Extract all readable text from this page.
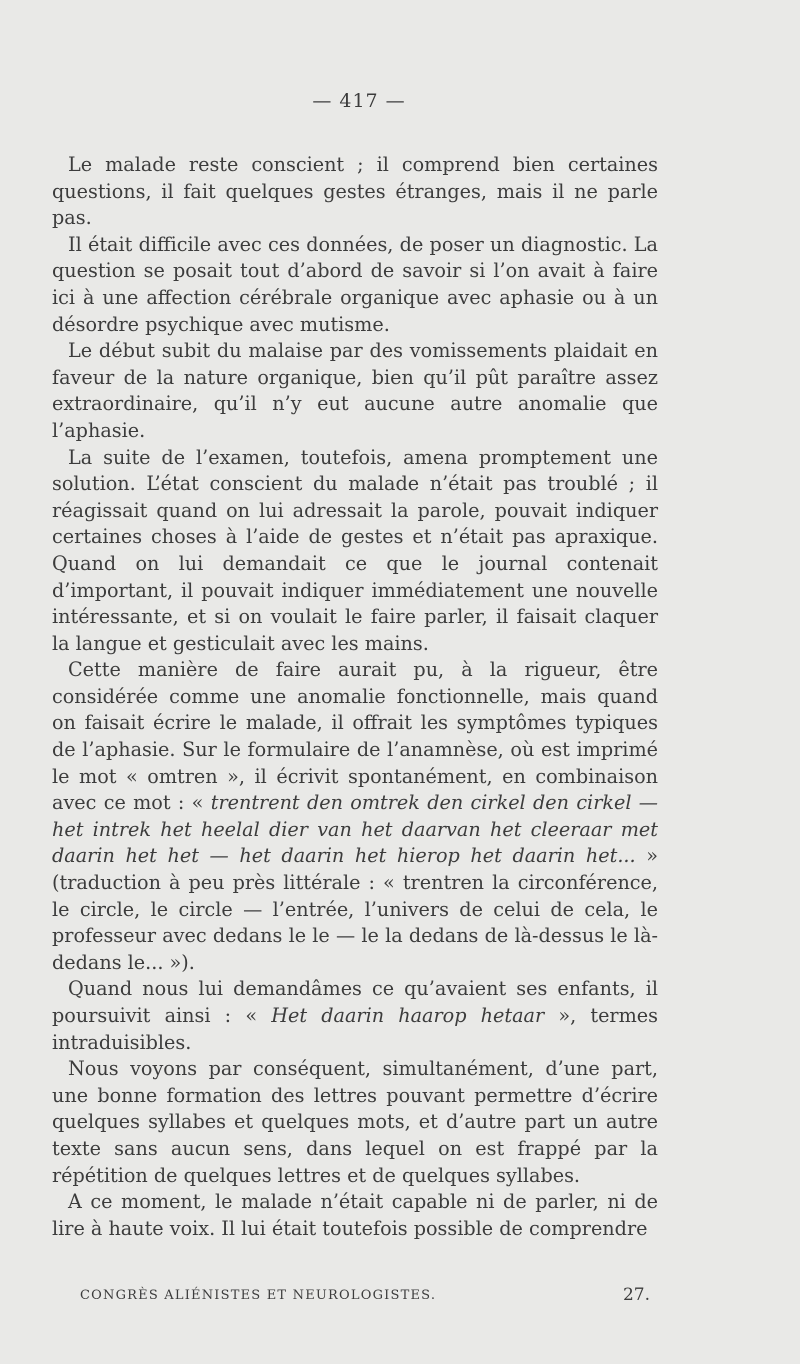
— 417 —

Le malade reste conscient ; il comprend bien certaines questions, il fait quelques gestes étranges, mais il ne parle pas.

Il était difficile avec ces données, de poser un diagnostic. La question se posait tout d’abord de savoir si l’on avait à faire ici à une affection cérébrale organique avec aphasie ou à un désordre psychique avec mutisme.

Le début subit du malaise par des vomissements plaidait en faveur de la nature organique, bien qu’il pût paraître assez extraordinaire, qu’il n’y eut aucune autre anomalie que l’aphasie.

La suite de l’examen, toutefois, amena promptement une solution. L’état conscient du malade n’était pas troublé ; il réagissait quand on lui adressait la parole, pouvait indiquer certaines choses à l’aide de gestes et n’était pas apraxique. Quand on lui demandait ce que le journal contenait d’important, il pouvait indiquer immédiatement une nouvelle intéressante, et si on voulait le faire parler, il faisait claquer la langue et gesticulait avec les mains.

Cette manière de faire aurait pu, à la rigueur, être considérée comme une anomalie fonctionnelle, mais quand on faisait écrire le malade, il offrait les symptômes typiques de l’aphasie. Sur le formulaire de l’anamnèse, où est imprimé le mot « omtren », il écrivit spontanément, en combinaison avec ce mot : « trentrent den omtrek den cirkel den cirkel — het intrek het heelal dier van het daarvan het cleeraar met daarin het het — het daarin het hierop het daarin het... » (traduction à peu près littérale : « trentren la circonférence, le circle, le circle — l’entrée, l’univers de celui de cela, le professeur avec dedans le le — le la dedans de là-dessus le là-dedans le... »).

Quand nous lui demandâmes ce qu’avaient ses enfants, il poursuivit ainsi : « Het daarin haarop hetaar », termes intraduisibles.

Nous voyons par conséquent, simultanément, d’une part, une bonne formation des lettres pouvant permettre d’écrire quelques syllabes et quelques mots, et d’autre part un autre texte sans aucun sens, dans lequel on est frappé par la répétition de quelques lettres et de quelques syllabes.

A ce moment, le malade n’était capable ni de parler, ni de lire à haute voix. Il lui était toutefois possible de comprendre

CONGRÈS ALIÉNISTES ET NEUROLOGISTES.	27.
